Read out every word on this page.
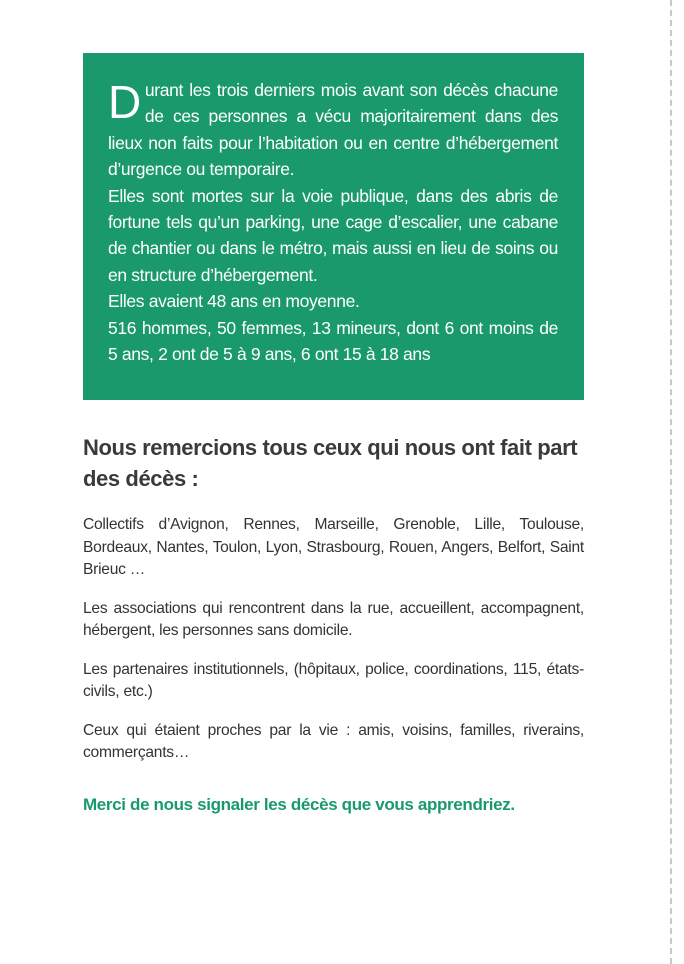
Durant les trois derniers mois avant son décès chacune de ces personnes a vécu majoritairement dans des lieux non faits pour l’habitation ou en centre d’hébergement d’urgence ou temporaire.

Elles sont mortes sur la voie publique, dans des abris de fortune tels qu’un parking, une cage d’escalier, une cabane de chantier ou dans le métro, mais aussi en lieu de soins ou en structure d’hébergement.

Elles avaient 48 ans en moyenne.

516 hommes, 50 femmes, 13 mineurs, dont 6 ont moins de 5 ans, 2 ont de 5 à 9 ans, 6 ont 15 à 18 ans

Nous remercions tous ceux qui nous ont fait part des décès :

Collectifs d’Avignon, Rennes, Marseille, Grenoble, Lille, Toulouse, Bordeaux, Nantes, Toulon, Lyon, Strasbourg, Rouen, Angers, Belfort, Saint Brieuc …

Les associations qui rencontrent dans la rue, accueillent, accompagnent, hébergent, les personnes sans domicile.

Les partenaires institutionnels, (hôpitaux, police, coordinations, 115, états-civils, etc.)

Ceux qui étaient proches par la vie : amis, voisins, familles, riverains, commerçants…

Merci de nous signaler les décès que vous apprendriez.
